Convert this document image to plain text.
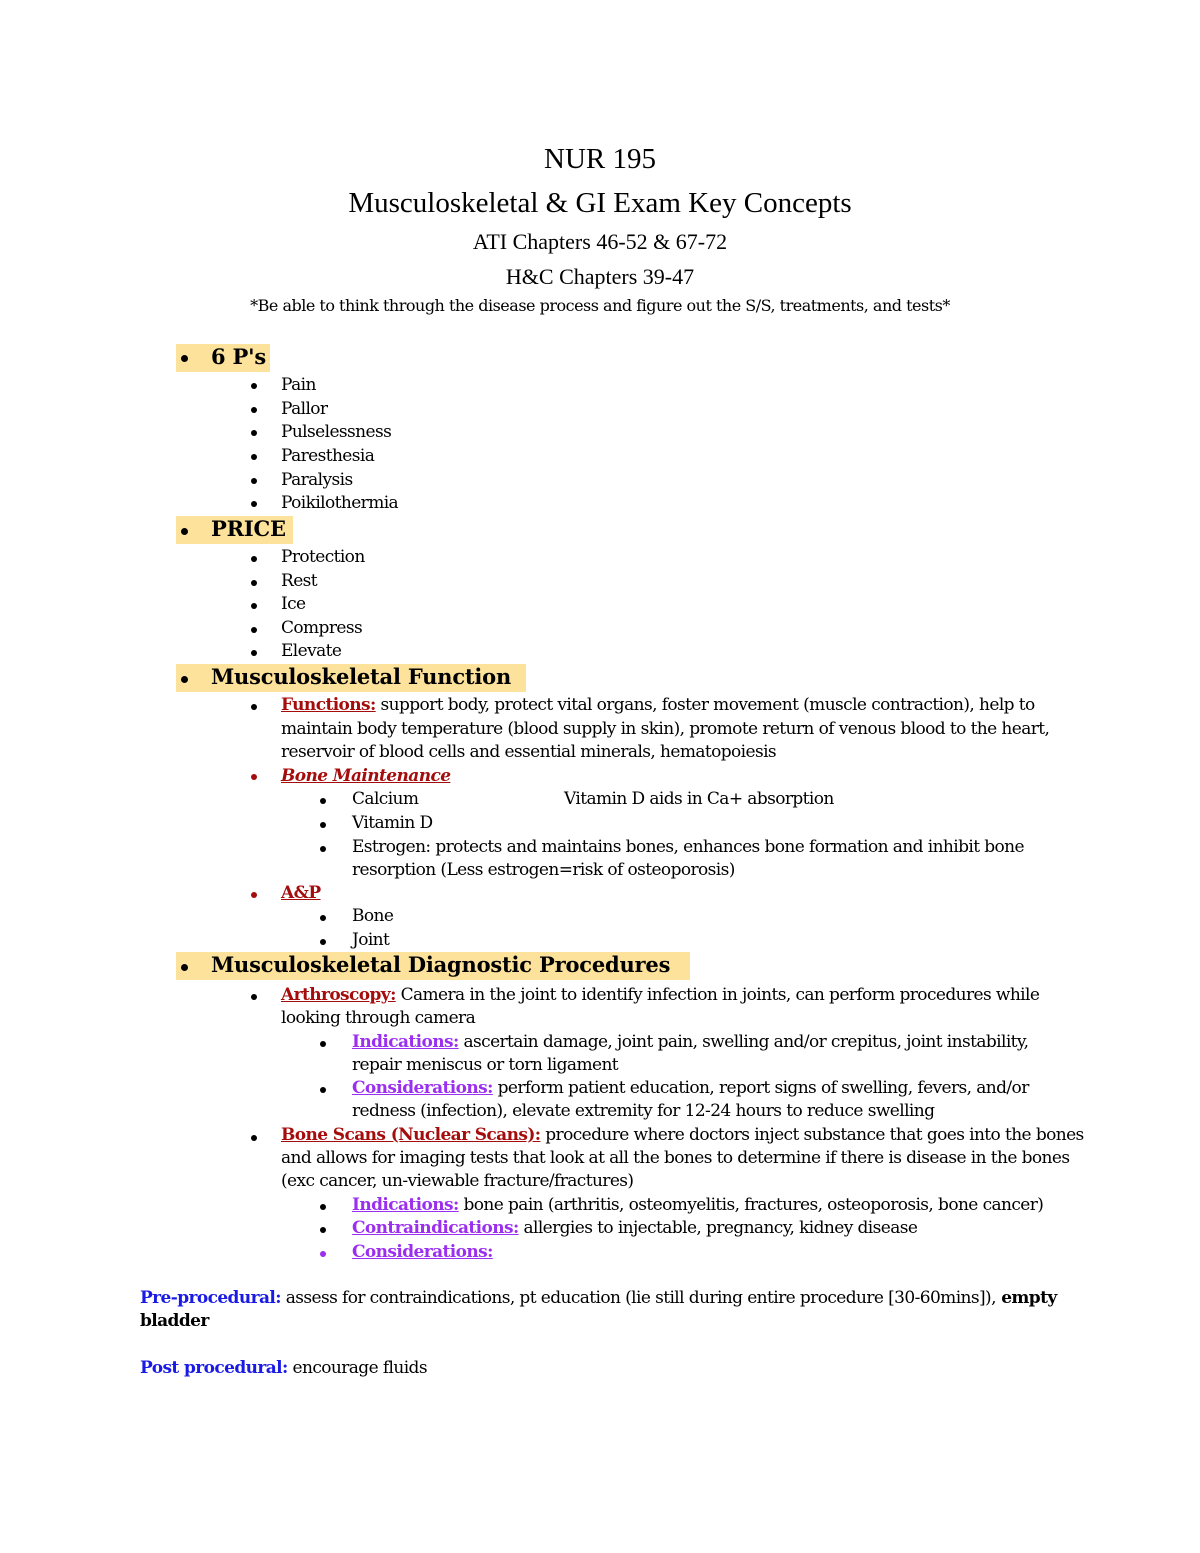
NUR 195
Musculoskeletal & GI Exam Key Concepts
ATI Chapters 46-52 & 67-72
H&C Chapters 39-47
*Be able to think through the disease process and figure out the S/S, treatments, and tests*
6 P's
Pain
Pallor
Pulselessness
Paresthesia
Paralysis
Poikilothermia
PRICE
Protection
Rest
Ice
Compress
Elevate
Musculoskeletal Function
Functions: support body, protect vital organs, foster movement (muscle contraction), help to
maintain body temperature (blood supply in skin), promote return of venous blood to the heart,
reservoir of blood cells and essential minerals, hematopoiesis
Bone Maintenance
Calcium	Vitamin D aids in Ca+ absorption
Vitamin D
Estrogen: protects and maintains bones, enhances bone formation and inhibit bone
resorption (Less estrogen=risk of osteoporosis)
A&P
Bone
Joint
Musculoskeletal Diagnostic Procedures
Arthroscopy: Camera in the joint to identify infection in joints, can perform procedures while
looking through camera
Indications: ascertain damage, joint pain, swelling and/or crepitus, joint instability,
repair meniscus or torn ligament
Considerations: perform patient education, report signs of swelling, fevers, and/or
redness (infection), elevate extremity for 12-24 hours to reduce swelling
Bone Scans (Nuclear Scans): procedure where doctors inject substance that goes into the bones
and allows for imaging tests that look at all the bones to determine if there is disease in the bones
(exc cancer, un-viewable fracture/fractures)
Indications: bone pain (arthritis, osteomyelitis, fractures, osteoporosis, bone cancer)
Contraindications: allergies to injectable, pregnancy, kidney disease
Considerations:
Pre-procedural: assess for contraindications, pt education (lie still during entire procedure [30-60mins]), empty
bladder
Post procedural: encourage fluids
